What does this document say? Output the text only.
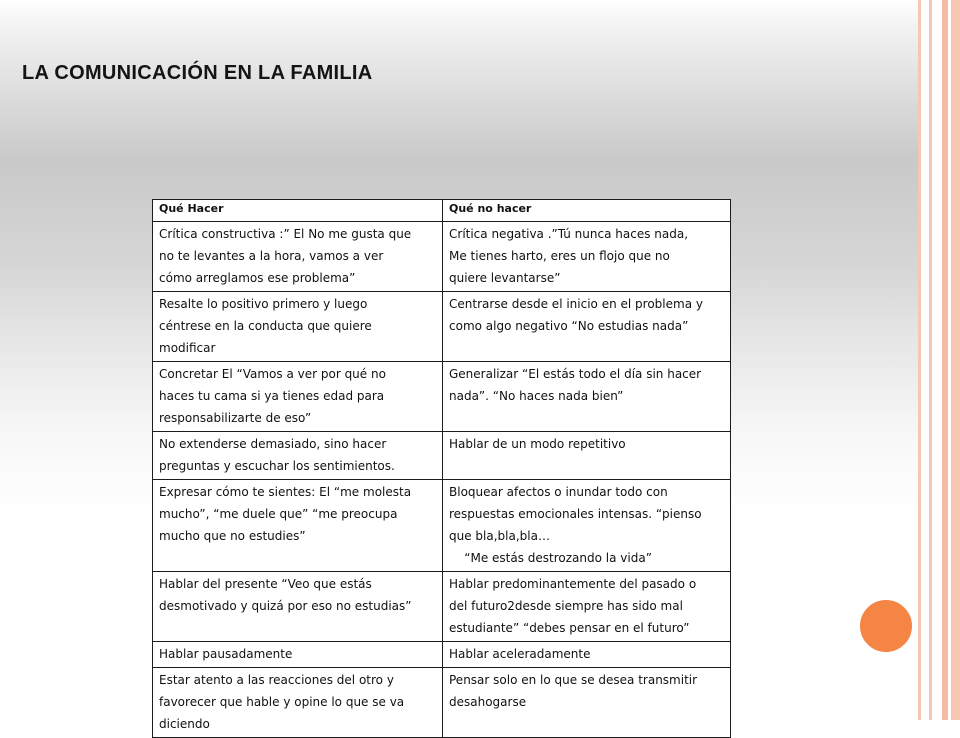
LA COMUNICACIÓN EN LA FAMILIA
Qué Hacer	Qué no hacer

Crítica constructiva :” El No me gusta que
no te levantes a la hora, vamos a ver
cómo arreglamos ese problema”	Crítica negativa .”Tú nunca haces nada,
Me tienes harto, eres un flojo que no
quiere levantarse”

Resalte lo positivo primero y luego
céntrese en la conducta que quiere
modificar	Centrarse desde el inicio en el problema y
como algo negativo “No estudias nada”

Concretar El “Vamos a ver por qué no
haces tu cama si ya tienes edad para
responsabilizarte de eso”	Generalizar “El estás todo el día sin hacer
nada”. “No haces nada bien”

No extenderse demasiado, sino hacer
preguntas y escuchar los sentimientos.	Hablar de un modo repetitivo

Expresar cómo te sientes: El “me molesta
mucho”, “me duele que” “me preocupa
mucho que no estudies”	Bloquear afectos o inundar todo con
respuestas emocionales intensas. “pienso
que bla,bla,bla…
“Me estás destrozando la vida”

Hablar del presente “Veo que estás
desmotivado y quizá por eso no estudias”	Hablar predominantemente del pasado o
del futuro2desde siempre has sido mal
estudiante” “debes pensar en el futuro”

Hablar pausadamente	Hablar aceleradamente

Estar atento a las reacciones del otro y
favorecer que hable y opine lo que se va
diciendo	Pensar solo en lo que se desea transmitir
desahogarse
